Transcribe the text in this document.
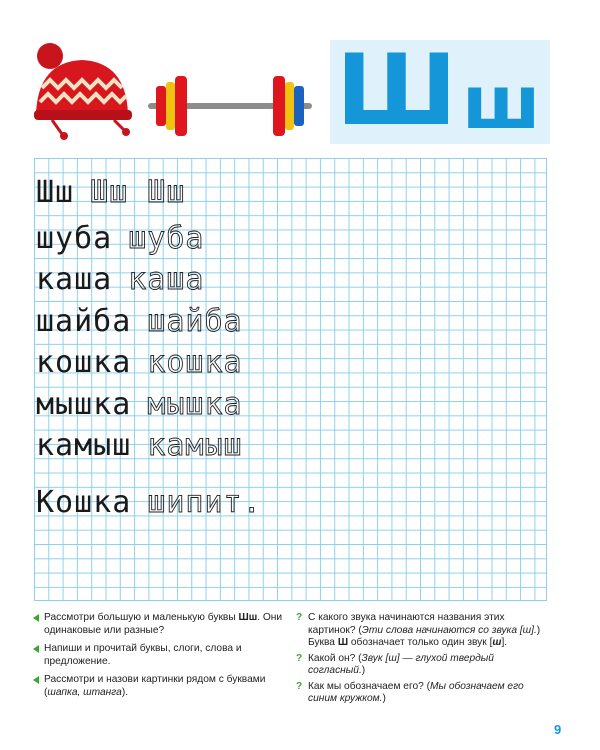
Ш ш
Шш Шш Шш
шуба шуба
каша каша
шайба шайба
кошка кошка
мышка мышка
камыш камыш
Кошка шипит.
Рассмотри большую и маленькую буквы Шш. Они одинаковые или разные?
Напиши и прочитай буквы, слоги, слова и предложение.
Рассмотри и назови картинки рядом с буквами (шапка, штанга).
? С какого звука начинаются названия этих картинок? (Эти слова начинаются со звука [ш].) Буква Ш обозначает только один звук [ш].
? Какой он? (Звук [ш] — глухой твердый согласный.)
? Как мы обозначаем его? (Мы обозначаем его синим кружком.)
9
